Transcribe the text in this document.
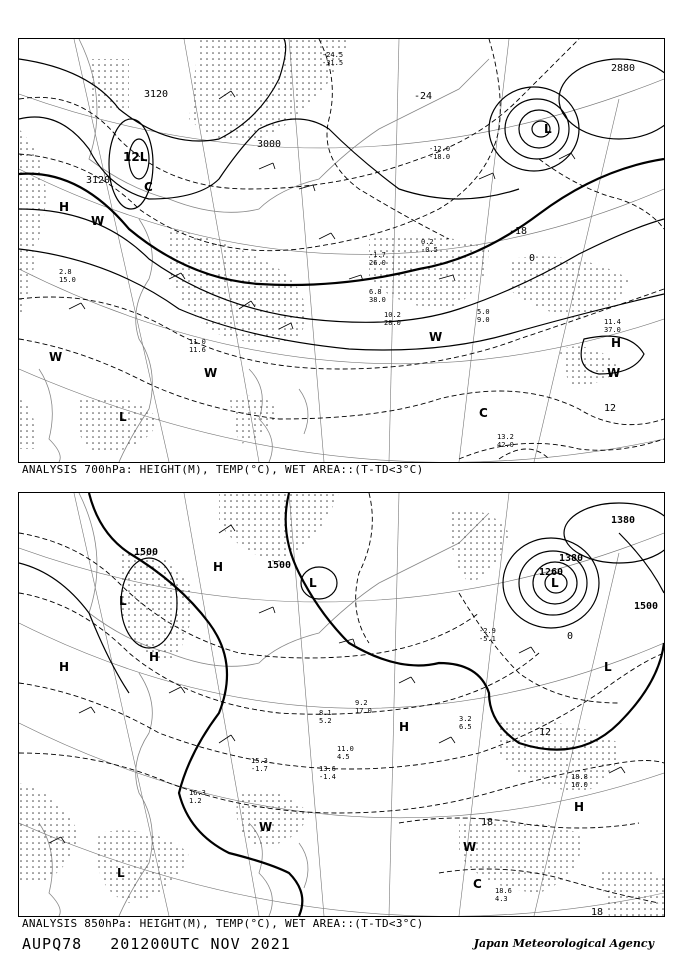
3120
3120
3000
2880
-24
-18
0
12
H
H
L
12L
C
C
W
W
W
W	W
L
10.2 28.0	11.4 37.0
6.8 38.0
5.0 9.0
13.2 42.0
11.0 11.6
-1.7 26.0
0.2 -0.5
-24.5 -31.5
-12.0 -18.0
2.8 15.0
ANALYSIS 700hPa: HEIGHT(M), TEMP(°C), WET AREA::(T-TD<3°C)
1500
1500
1500
1380
1380
1260
0
12
18
18
H
H
H
H
H
L	L
L
L
L
W
W
C 18.6 4.3
18.8 16.0
11.0 4.5
9.2 17.0
13.6 -1.4
-2.9 -5.1
3.2 6.5
8.1 5.2
15.3 -1.7
16.3 1.2
ANALYSIS 850hPa: HEIGHT(M), TEMP(°C), WET AREA::(T-TD<3°C)
AUPQ78 201200UTC NOV 2021	Japan Meteorological Agency
